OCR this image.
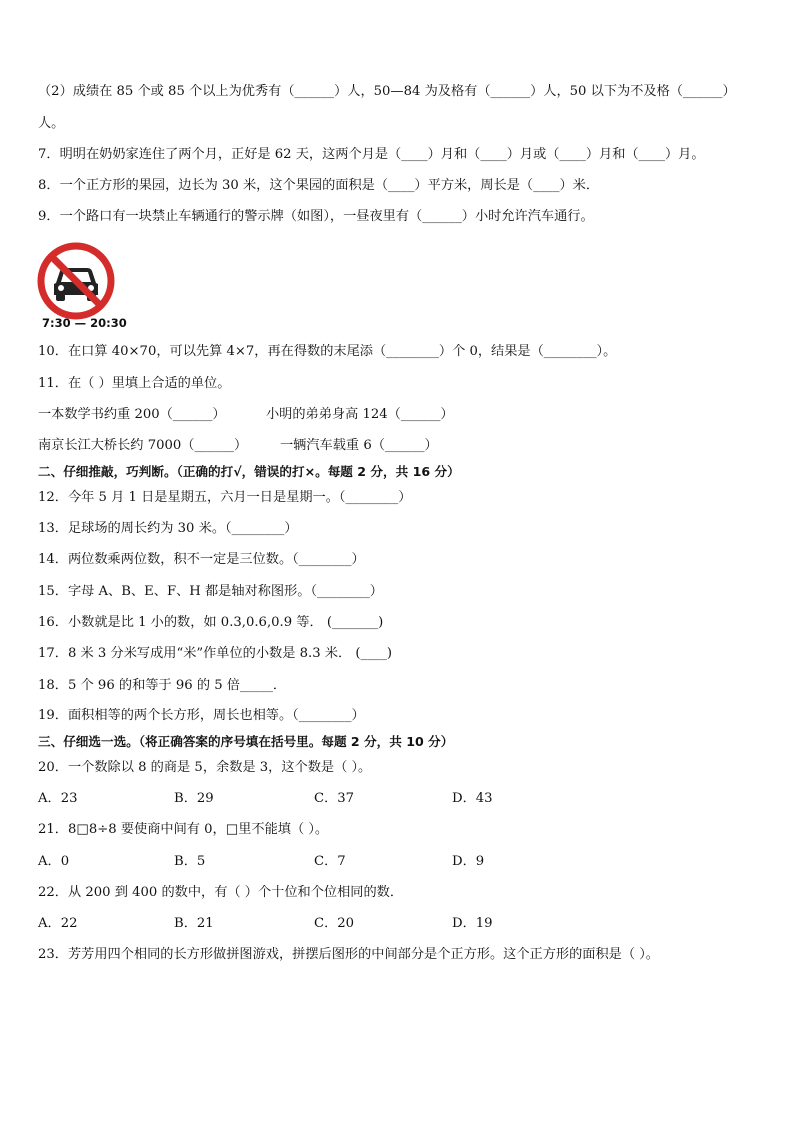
（2）成绩在 85 个或 85 个以上为优秀有（______）人，50—84 为及格有（______）人，50 以下为不及格（______）
人。
7．明明在奶奶家连住了两个月，正好是 62 天，这两个月是（____）月和（____）月或（____）月和（____）月。
8．一个正方形的果园，边长为 30 米，这个果园的面积是（____）平方米，周长是（____）米．
9．一个路口有一块禁止车辆通行的警示牌（如图），一昼夜里有（______）小时允许汽车通行。
7:30 — 20:30
10．在口算 40×70，可以先算 4×7，再在得数的末尾添（________）个 0，结果是（________）。
11．在（ ）里填上合适的单位。
一本数学书约重 200（______）	小明的弟弟身高 124（______）
南京长江大桥长约 7000（______） 一辆汽车载重 6（______）
二、仔细推敲，巧判断。（正确的打√，错误的打×。每题 2 分，共 16 分）
12．今年 5 月 1 日是星期五，六月一日是星期一。（________）
13．足球场的周长约为 30 米。（________）
14．两位数乘两位数，积不一定是三位数。（________）
15．字母 A、B、E、F、H 都是轴对称图形。（________）
16．小数就是比 1 小的数，如 0.3,0.6,0.9 等． (_______)
17．8 米 3 分米写成用“米”作单位的小数是 8.3 米． (____)
18．5 个 96 的和等于 96 的 5 倍_____．
19．面积相等的两个长方形，周长也相等。（________）
三、仔细选一选。（将正确答案的序号填在括号里。每题 2 分，共 10 分）
20．一个数除以 8 的商是 5，余数是 3，这个数是（ ）。
A．23	B．29	C．37	D．43
21．8□8÷8 要使商中间有 0，□里不能填（ ）。
A．0	B．5	C．7	D．9
22．从 200 到 400 的数中，有（ ）个十位和个位相同的数．
A．22	B．21	C．20	D．19
23．芳芳用四个相同的长方形做拼图游戏，拼摆后图形的中间部分是个正方形。这个正方形的面积是（ ）。
